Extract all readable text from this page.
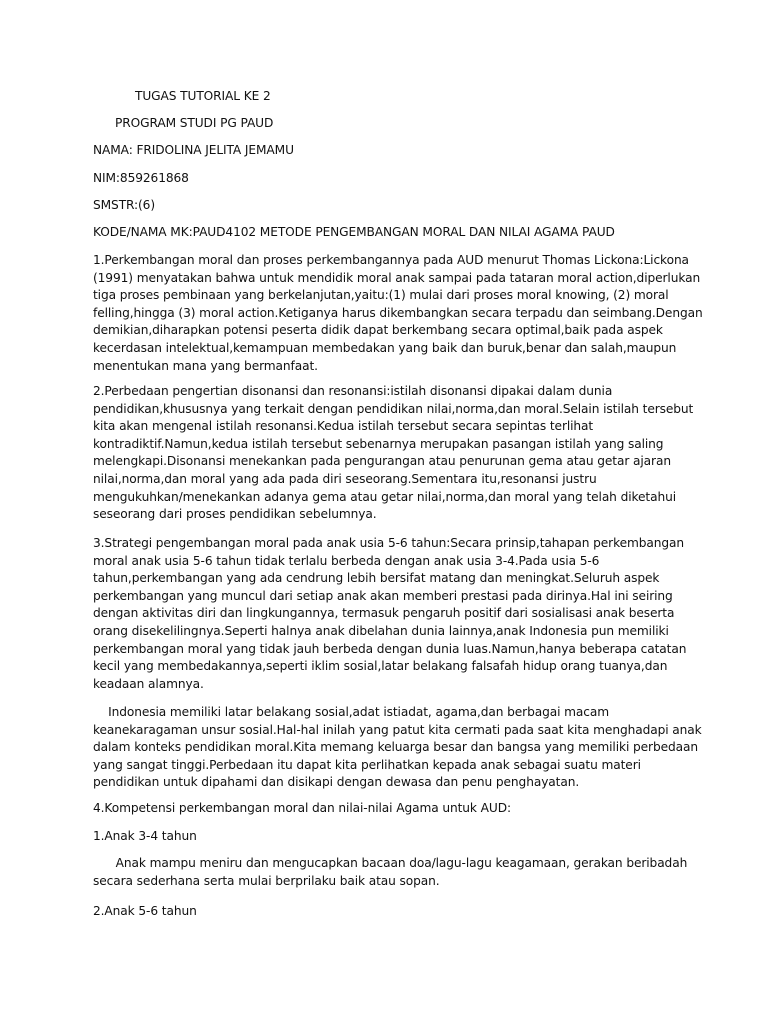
TUGAS TUTORIAL KE 2
PROGRAM STUDI PG PAUD
NAMA: FRIDOLINA JELITA JEMAMU
NIM:859261868
SMSTR:(6)
KODE/NAMA MK:PAUD4102 METODE PENGEMBANGAN MORAL DAN NILAI AGAMA PAUD
1.Perkembangan moral dan proses perkembangannya pada AUD menurut Thomas Lickona:Lickona
(1991) menyatakan bahwa untuk mendidik moral anak sampai pada tataran moral action,diperlukan
tiga proses pembinaan yang berkelanjutan,yaitu:(1) mulai dari proses moral knowing, (2) moral
felling,hingga (3) moral action.Ketiganya harus dikembangkan secara terpadu dan seimbang.Dengan
demikian,diharapkan potensi peserta didik dapat berkembang secara optimal,baik pada aspek
kecerdasan intelektual,kemampuan membedakan yang baik dan buruk,benar dan salah,maupun
menentukan mana yang bermanfaat.
2.Perbedaan pengertian disonansi dan resonansi:istilah disonansi dipakai dalam dunia
pendidikan,khususnya yang terkait dengan pendidikan nilai,norma,dan moral.Selain istilah tersebut
kita akan mengenal istilah resonansi.Kedua istilah tersebut secara sepintas terlihat
kontradiktif.Namun,kedua istilah tersebut sebenarnya merupakan pasangan istilah yang saling
melengkapi.Disonansi menekankan pada pengurangan atau penurunan gema atau getar ajaran
nilai,norma,dan moral yang ada pada diri seseorang.Sementara itu,resonansi justru
mengukuhkan/menekankan adanya gema atau getar nilai,norma,dan moral yang telah diketahui
seseorang dari proses pendidikan sebelumnya.
3.Strategi pengembangan moral pada anak usia 5-6 tahun:Secara prinsip,tahapan perkembangan
moral anak usia 5-6 tahun tidak terlalu berbeda dengan anak usia 3-4.Pada usia 5-6
tahun,perkembangan yang ada cendrung lebih bersifat matang dan meningkat.Seluruh aspek
perkembangan yang muncul dari setiap anak akan memberi prestasi pada dirinya.Hal ini seiring
dengan aktivitas diri dan lingkungannya, termasuk pengaruh positif dari sosialisasi anak beserta
orang disekelilingnya.Seperti halnya anak dibelahan dunia lainnya,anak Indonesia pun memiliki
perkembangan moral yang tidak jauh berbeda dengan dunia luas.Namun,hanya beberapa catatan
kecil yang membedakannya,seperti iklim sosial,latar belakang falsafah hidup orang tuanya,dan
keadaan alamnya.
Indonesia memiliki latar belakang sosial,adat istiadat, agama,dan berbagai macam
keanekaragaman unsur sosial.Hal-hal inilah yang patut kita cermati pada saat kita menghadapi anak
dalam konteks pendidikan moral.Kita memang keluarga besar dan bangsa yang memiliki perbedaan
yang sangat tinggi.Perbedaan itu dapat kita perlihatkan kepada anak sebagai suatu materi
pendidikan untuk dipahami dan disikapi dengan dewasa dan penu penghayatan.
4.Kompetensi perkembangan moral dan nilai-nilai Agama untuk AUD:
1.Anak 3-4 tahun
Anak mampu meniru dan mengucapkan bacaan doa/lagu-lagu keagamaan, gerakan beribadah
secara sederhana serta mulai berprilaku baik atau sopan.
2.Anak 5-6 tahun
